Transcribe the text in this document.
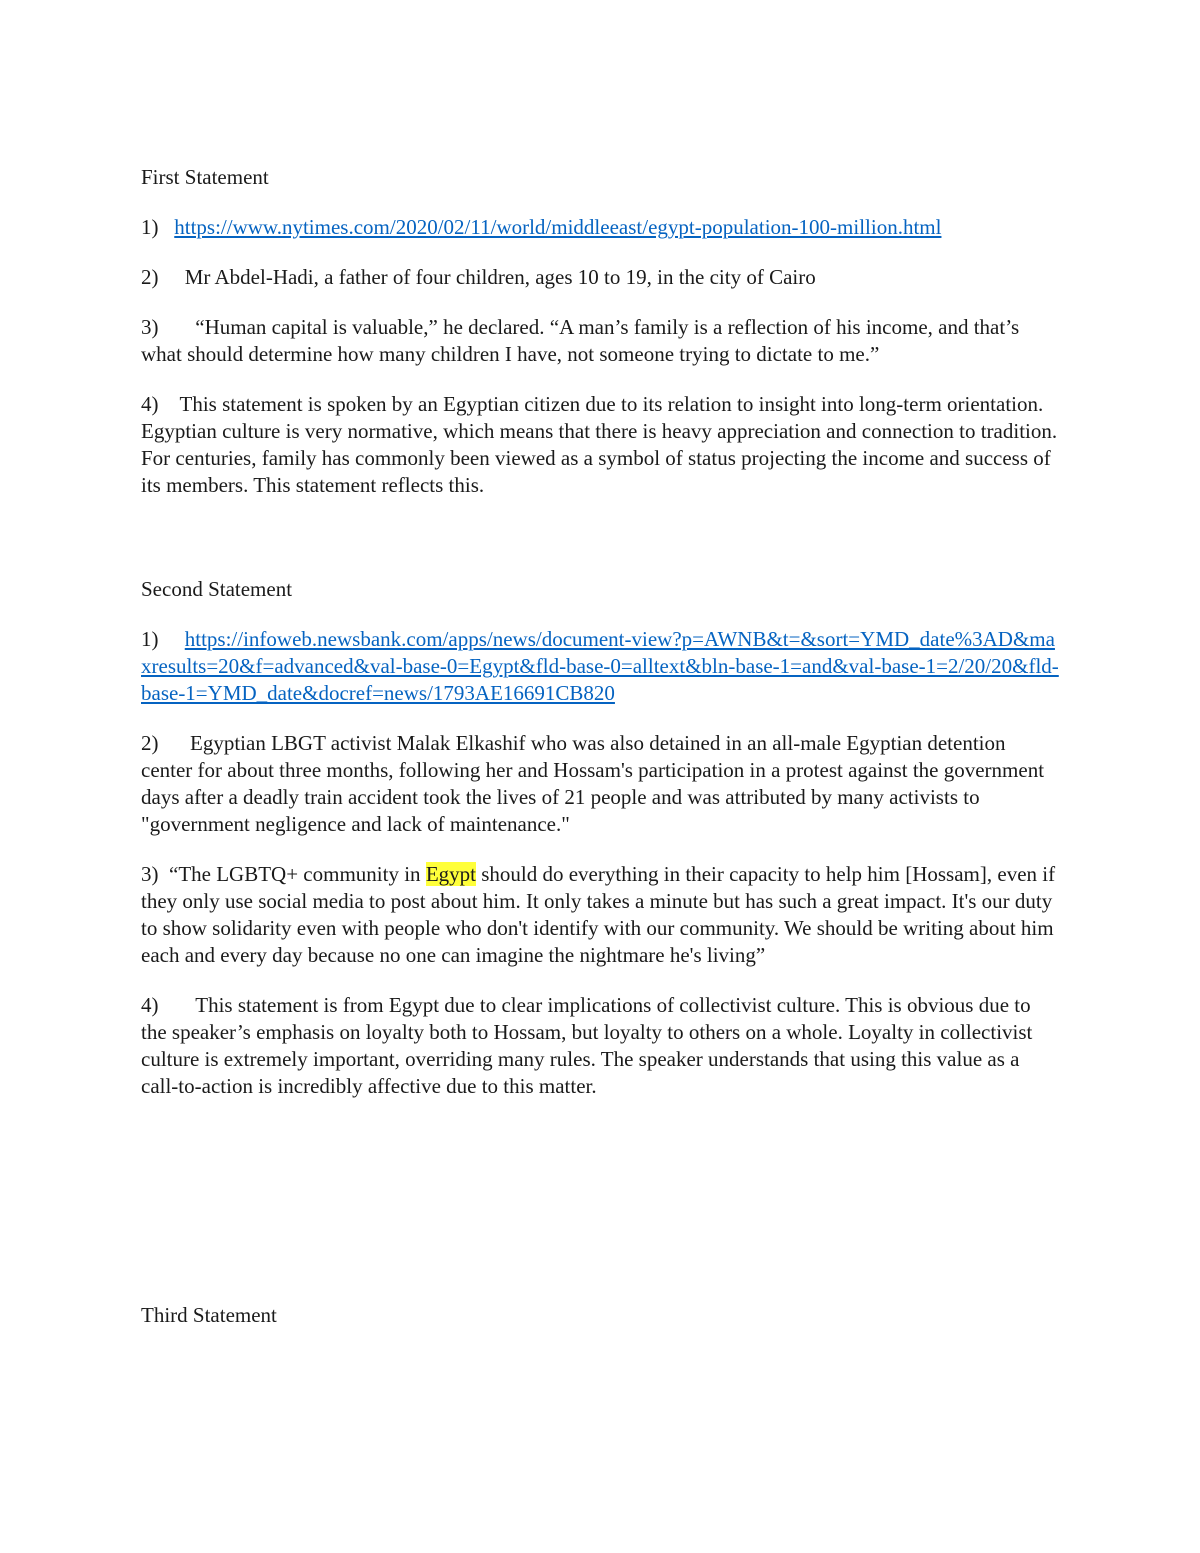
First Statement

1) https://www.nytimes.com/2020/02/11/world/middleeast/egypt-population-100-million.html

2) Mr Abdel-Hadi, a father of four children, ages 10 to 19, in the city of Cairo

3) “Human capital is valuable,” he declared. “A man’s family is a reflection of his income, and that’s what should determine how many children I have, not someone trying to dictate to me.”

4) This statement is spoken by an Egyptian citizen due to its relation to insight into long-term orientation. Egyptian culture is very normative, which means that there is heavy appreciation and connection to tradition. For centuries, family has commonly been viewed as a symbol of status projecting the income and success of its members. This statement reflects this.

Second Statement

1) https://infoweb.newsbank.com/apps/news/document-view?p=AWNB&t=&sort=YMD_date%3AD&maxresults=20&f=advanced&val-base-0=Egypt&fld-base-0=alltext&bln-base-1=and&val-base-1=2/20/20&fld-base-1=YMD_date&docref=news/1793AE16691CB820

2) Egyptian LBGT activist Malak Elkashif who was also detained in an all-male Egyptian detention center for about three months, following her and Hossam's participation in a protest against the government days after a deadly train accident took the lives of 21 people and was attributed by many activists to "government negligence and lack of maintenance."

3) “The LGBTQ+ community in Egypt should do everything in their capacity to help him [Hossam], even if they only use social media to post about him. It only takes a minute but has such a great impact. It's our duty to show solidarity even with people who don't identify with our community. We should be writing about him each and every day because no one can imagine the nightmare he's living”

4) This statement is from Egypt due to clear implications of collectivist culture. This is obvious due to the speaker’s emphasis on loyalty both to Hossam, but loyalty to others on a whole. Loyalty in collectivist culture is extremely important, overriding many rules. The speaker understands that using this value as a call-to-action is incredibly affective due to this matter.

Third Statement
